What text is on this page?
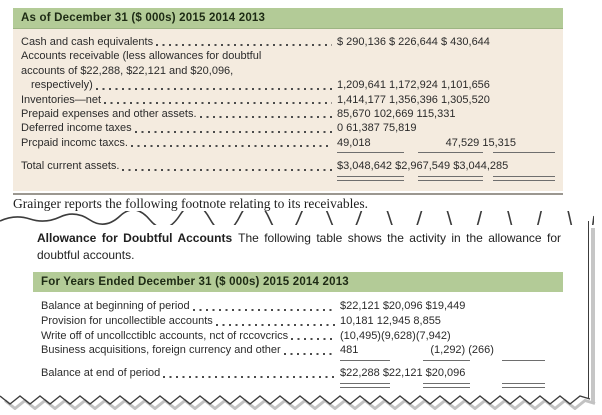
As of December 31 ($ 000s) 2015 2014 2013
Cash and cash equivalents	$ 290,136 $ 226,644 $ 430,644
Accounts receivable (less allowances for doubtful
accounts of $22,288, $22,121 and $20,096,
respectively)	1,209,641 1,172,924 1,101,656
Inventories—net	1,414,177 1,356,396 1,305,520
Prepaid expenses and other assets.	85,670 102,669 115,331
Deferred income taxes	0 61,387 75,819
Prcpaid incomc taxcs.	49,018	47,529 15,315
Total current assets.	$3,048,642 $2,967,549 $3,044,285
Grainger reports the following footnote relating to its receivables.

Allowance for Doubtful Accounts The following table shows the activity in the allowance for doubtful accounts.

For Years Ended December 31 ($ 000s) 2015 2014 2013
Balance at beginning of period	$22,121 $20,096 $19,449
Provision for uncollectible accounts	10,181 12,945 8,855
Write off of uncollcctiblc accounts, nct of rccovcrics	(10,495)(9,628)(7,942)
Business acquisitions, foreign currency and other	481	(1,292) (266)
Balance at end of period	$22,288 $22,121 $20,096
